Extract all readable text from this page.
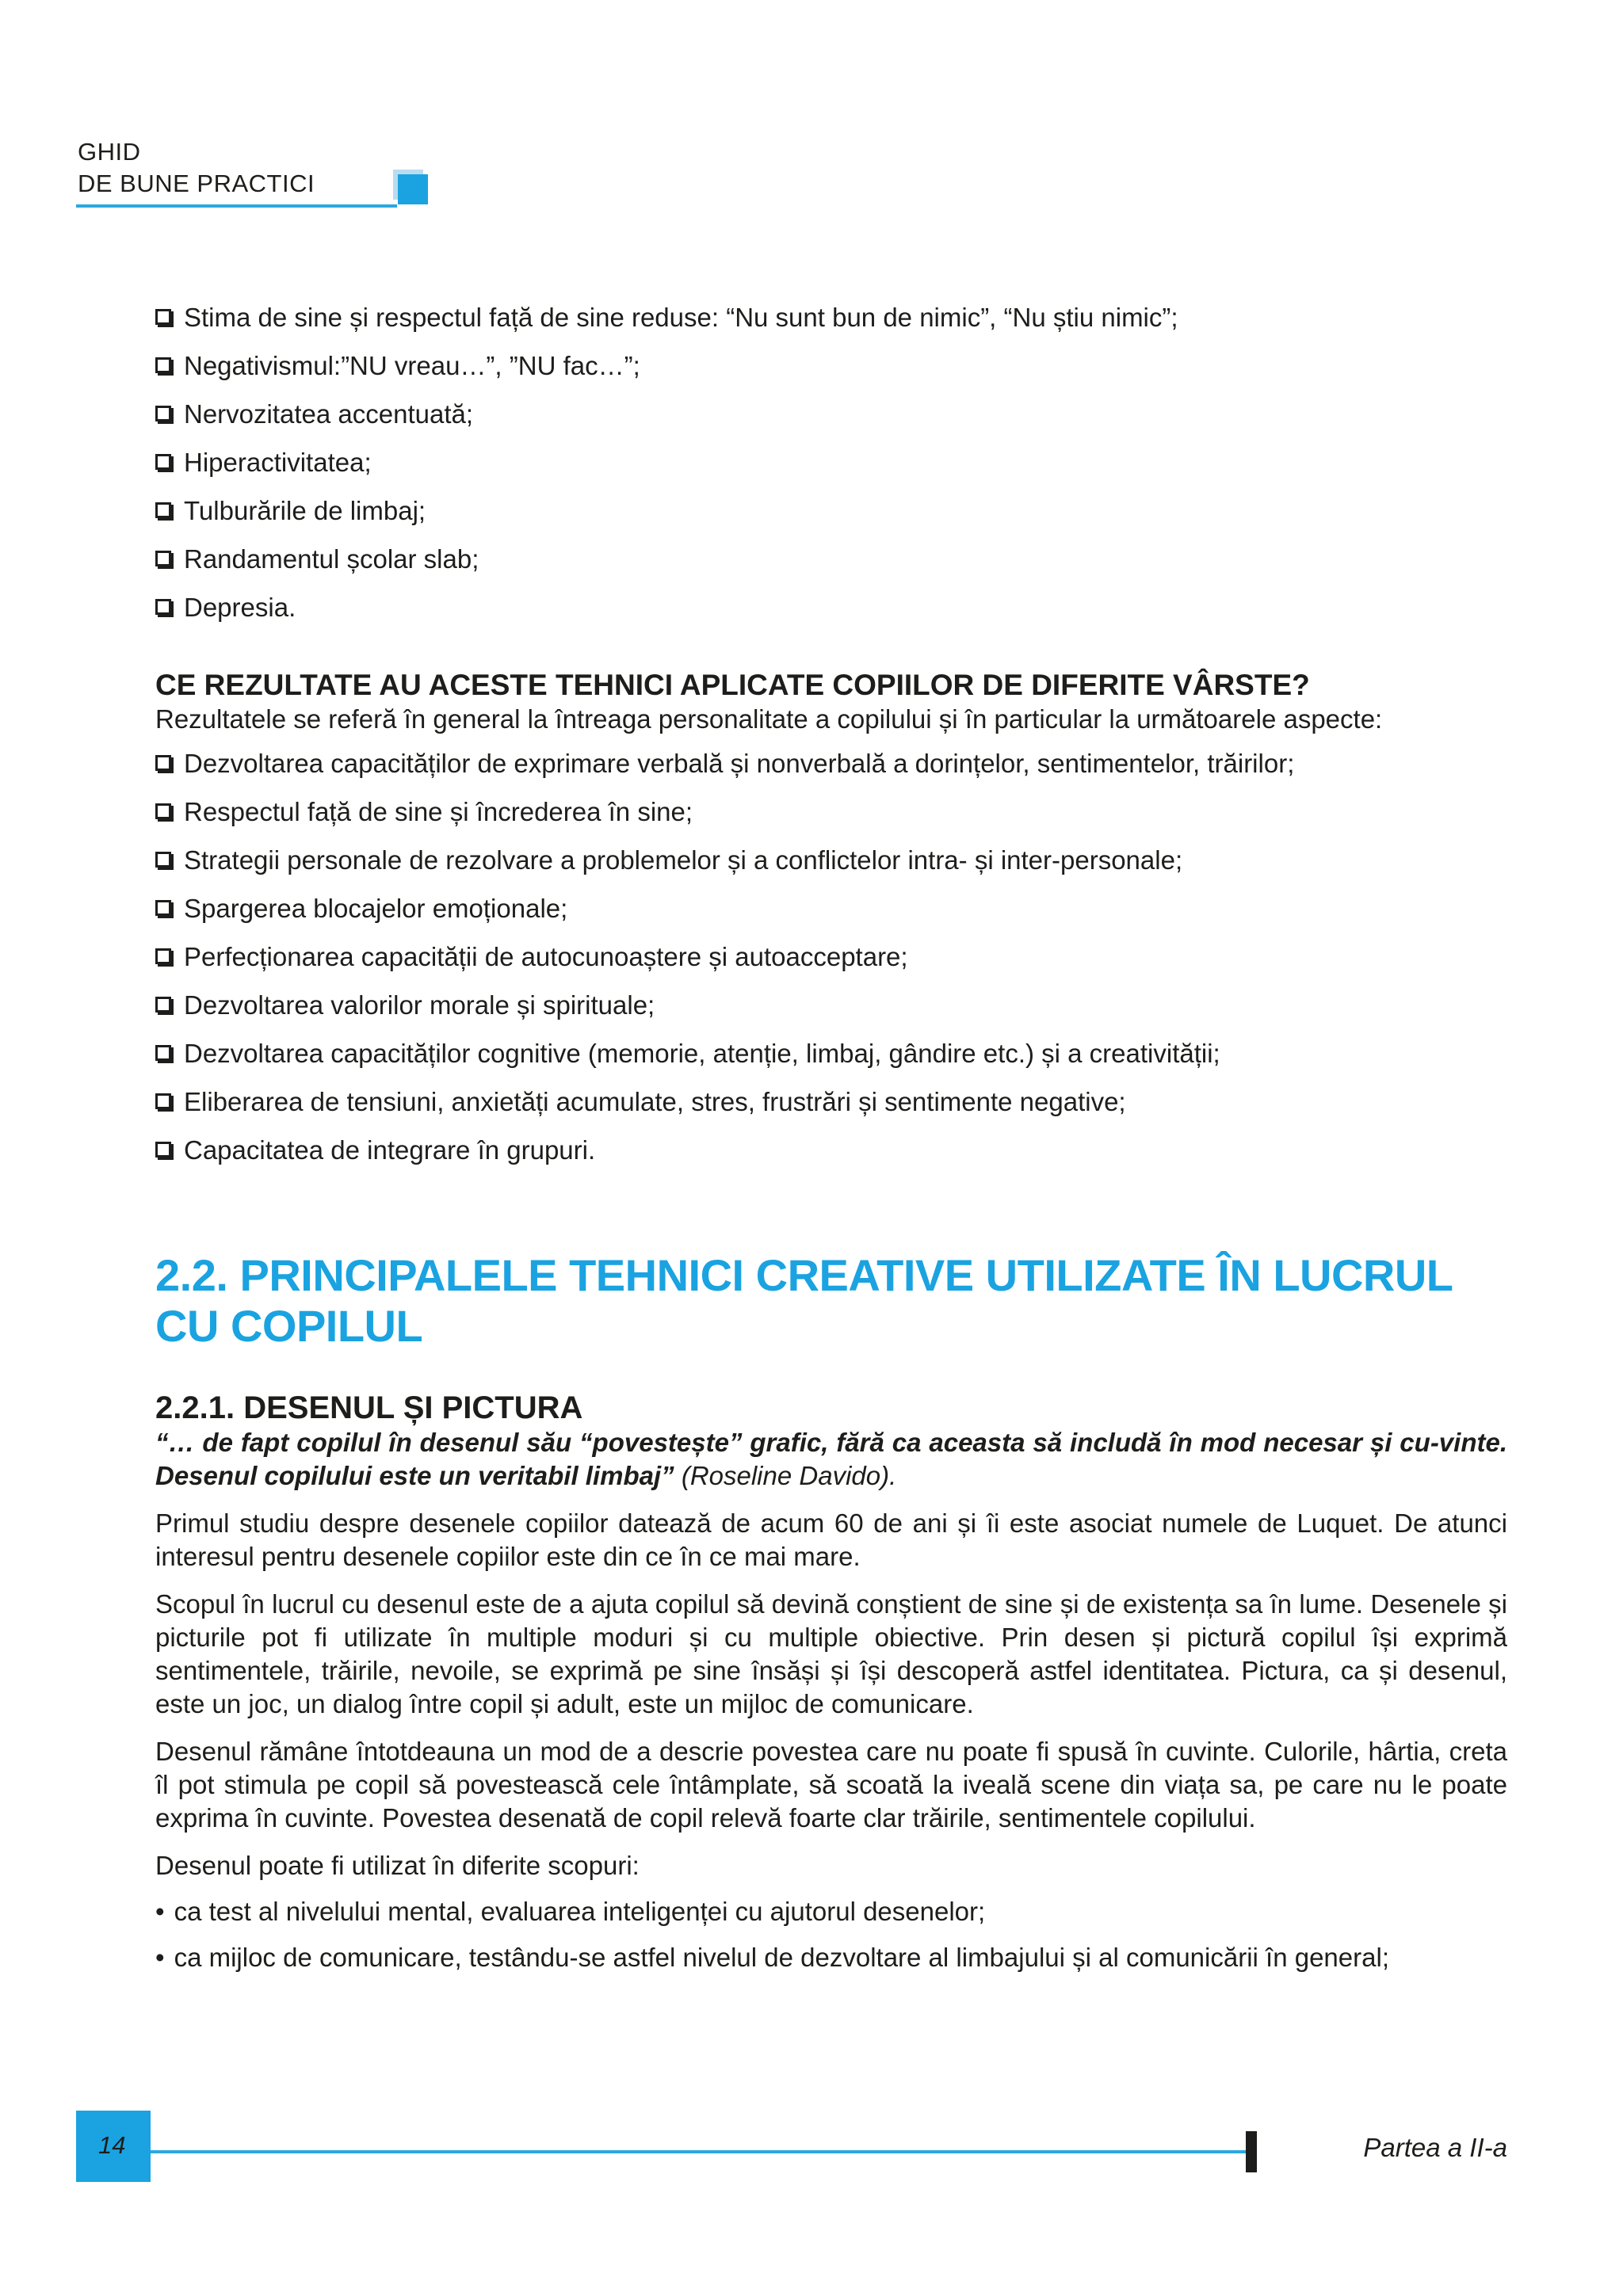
GHID
DE BUNE PRACTICI
Stima de sine și respectul față de sine reduse: “Nu sunt bun de nimic”, “Nu știu nimic”;
Negativismul:”NU vreau…”, ”NU fac…”;
Nervozitatea accentuată;
Hiperactivitatea;
Tulburările de limbaj;
Randamentul școlar slab;
Depresia.
CE REZULTATE AU ACESTE TEHNICI APLICATE COPIILOR DE DIFERITE VÂRSTE?

Rezultatele se referă în general la întreaga personalitate a copilului și în particular la următoarele aspecte:

Dezvoltarea capacităților de exprimare verbală și nonverbală a dorințelor, sentimentelor, trăirilor;
Respectul față de sine și încrederea în sine;
Strategii personale de rezolvare a problemelor și a conflictelor intra- și inter-personale;
Spargerea blocajelor emoționale;
Perfecționarea capacității de autocunoaștere și autoacceptare;
Dezvoltarea valorilor morale și spirituale;
Dezvoltarea capacităților cognitive (memorie, atenție, limbaj, gândire etc.) și a creativității;
Eliberarea de tensiuni, anxietăți acumulate, stres, frustrări și sentimente negative;
Capacitatea de integrare în grupuri.
2.2. PRINCIPALELE TEHNICI CREATIVE UTILIZATE ÎN LUCRUL CU COPILUL
2.2.1. DESENUL ȘI PICTURA
“… de fapt copilul în desenul său “povestește” grafic, fără ca aceasta să includă în mod necesar și cu-vinte. Desenul copilului este un veritabil limbaj” (Roseline Davido).
Primul studiu despre desenele copiilor datează de acum 60 de ani și îi este asociat numele de Luquet. De atunci interesul pentru desenele copiilor este din ce în ce mai mare.
Scopul în lucrul cu desenul este de a ajuta copilul să devină conștient de sine și de existența sa în lume. Desenele și picturile pot fi utilizate în multiple moduri și cu multiple obiective. Prin desen și pictură copilul își exprimă sentimentele, trăirile, nevoile, se exprimă pe sine însăși și își descoperă astfel identitatea. Pictura, ca și desenul, este un joc, un dialog între copil și adult, este un mijloc de comunicare.
Desenul rămâne întotdeauna un mod de a descrie povestea care nu poate fi spusă în cuvinte. Culorile, hârtia, creta îl pot stimula pe copil să povestească cele întâmplate, să scoată la iveală scene din viața sa, pe care nu le poate exprima în cuvinte. Povestea desenată de copil relevă foarte clar trăirile, sentimentele copilului.
Desenul poate fi utilizat în diferite scopuri:
• ca test al nivelului mental, evaluarea inteligenței cu ajutorul desenelor;
• ca mijloc de comunicare, testându-se astfel nivelul de dezvoltare al limbajului și al comunicării în general;
14	Partea a II-a
